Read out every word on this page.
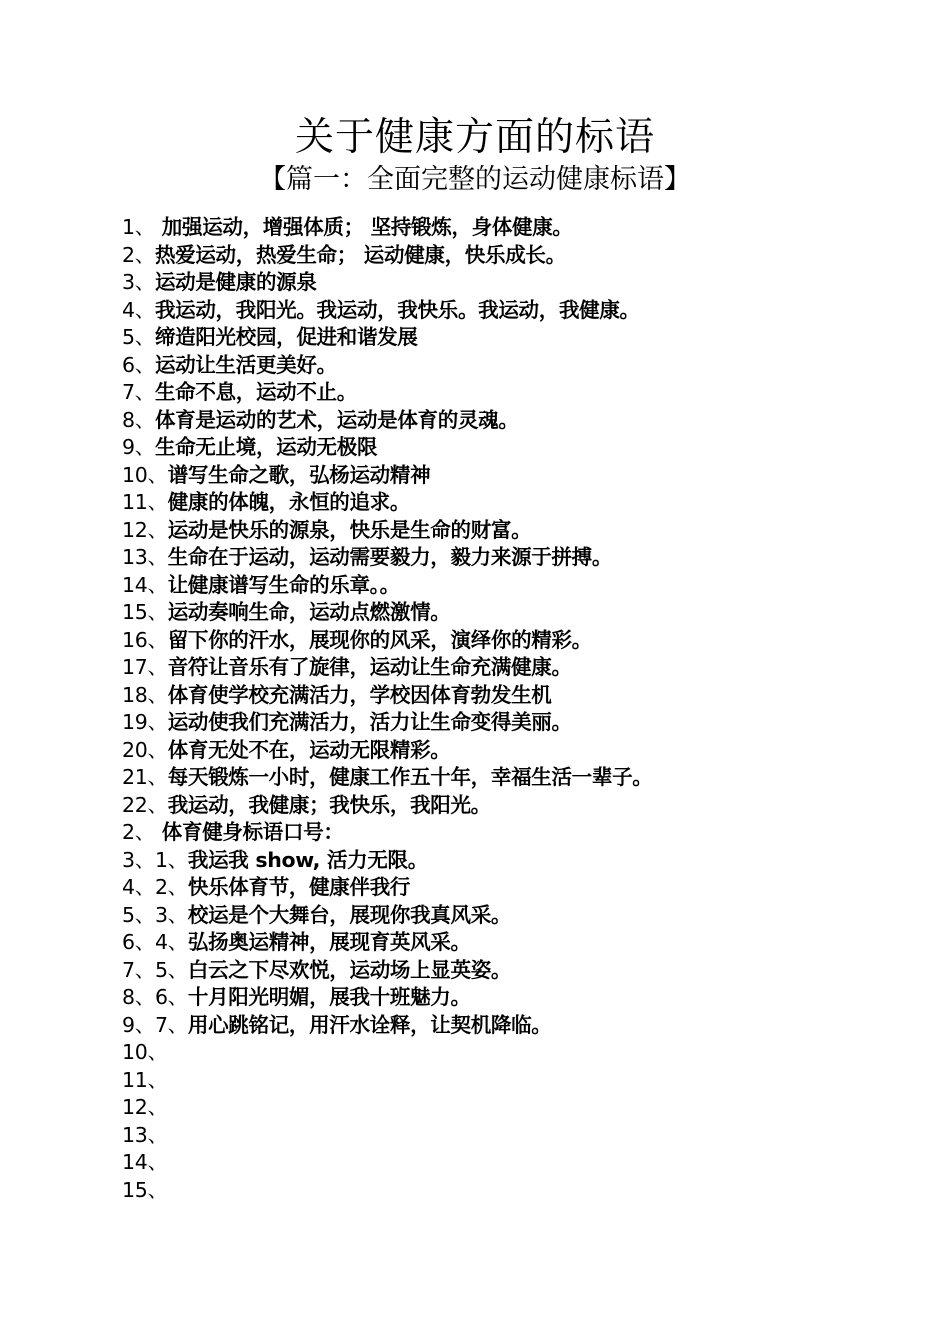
关于健康方面的标语
【篇一：全面完整的运动健康标语】
1、 加强运动，增强体质； 坚持锻炼，身体健康。
2、热爱运动，热爱生命； 运动健康，快乐成长。
3、运动是健康的源泉
4、我运动，我阳光。我运动，我快乐。我运动，我健康。
5、缔造阳光校园，促进和谐发展
6、运动让生活更美好。
7、生命不息，运动不止。
8、体育是运动的艺术，运动是体育的灵魂。
9、生命无止境，运动无极限
10、谱写生命之歌，弘杨运动精神
11、健康的体魄，永恒的追求。
12、运动是快乐的源泉，快乐是生命的财富。
13、生命在于运动，运动需要毅力，毅力来源于拼搏。
14、让健康谱写生命的乐章。。
15、运动奏响生命，运动点燃激情。
16、留下你的汗水，展现你的风采，演绎你的精彩。
17、音符让音乐有了旋律，运动让生命充满健康。
18、体育使学校充满活力，学校因体育勃发生机
19、运动使我们充满活力，活力让生命变得美丽。
20、体育无处不在，运动无限精彩。
21、每天锻炼一小时，健康工作五十年，幸福生活一辈子。
22、我运动，我健康；我快乐，我阳光。
2、 体育健身标语口号：
3、1、我运我 show, 活力无限。
4、2、快乐体育节，健康伴我行
5、3、校运是个大舞台，展现你我真风采。
6、4、弘扬奥运精神，展现育英风采。
7、5、白云之下尽欢悦，运动场上显英姿。
8、6、十月阳光明媚，展我十班魅力。
9、7、用心跳铭记，用汗水诠释，让契机降临。
10、
11、
12、
13、
14、
15、
